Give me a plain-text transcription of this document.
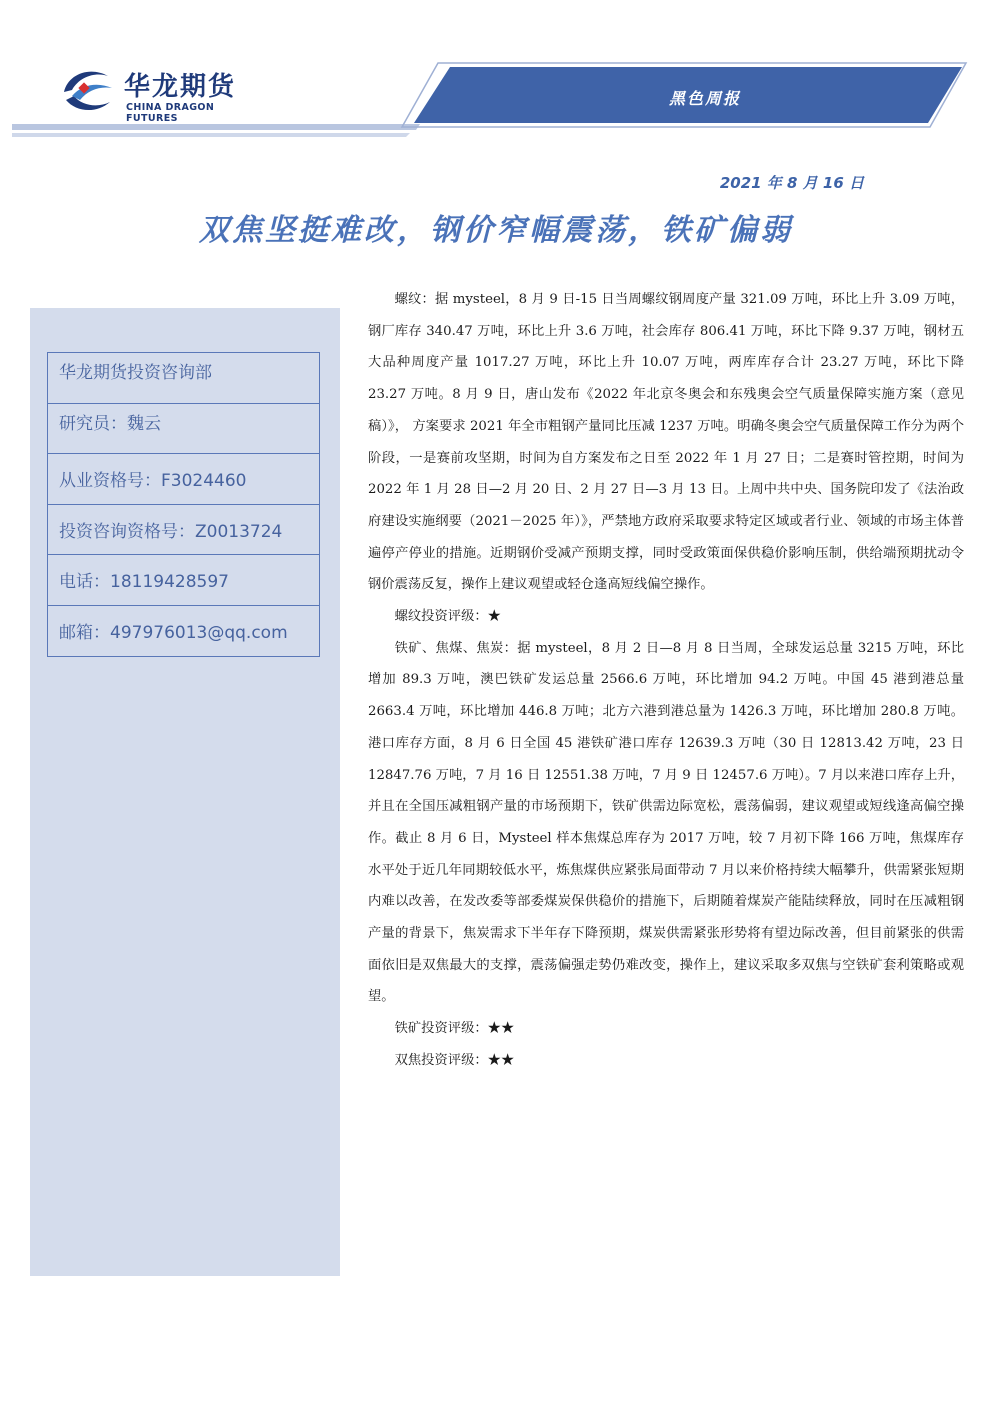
华龙期货
CHINA DRAGON FUTURES
黑色周报
2021 年 8 月 16 日
双焦坚挺难改，钢价窄幅震荡，铁矿偏弱
华龙期货投资咨询部
研究员：魏云
从业资格号：F3024460
投资咨询资格号：Z0013724
电话：18119428597
邮箱：497976013@qq.com

螺纹：据 mysteel，8 月 9 日-15 日当周螺纹钢周度产量 321.09 万吨，环比上升 3.09 万吨，钢厂库存 340.47 万吨，环比上升 3.6 万吨，社会库存 806.41 万吨，环比下降 9.37 万吨，钢材五大品种周度产量 1017.27 万吨，环比上升 10.07 万吨，两库库存合计 23.27 万吨，环比下降 23.27 万吨。8 月 9 日，唐山发布《2022 年北京冬奥会和东残奥会空气质量保障实施方案（意见稿）》， 方案要求 2021 年全市粗钢产量同比压减 1237 万吨。明确冬奥会空气质量保障工作分为两个阶段，一是赛前攻坚期，时间为自方案发布之日至 2022 年 1 月 27 日；二是赛时管控期，时间为 2022 年 1 月 28 日—2 月 20 日、2 月 27 日—3 月 13 日。上周中共中央、国务院印发了《法治政府建设实施纲要（2021－2025 年）》，严禁地方政府采取要求特定区域或者行业、领域的市场主体普遍停产停业的措施。近期钢价受减产预期支撑，同时受政策面保供稳价影响压制，供给端预期扰动令钢价震荡反复，操作上建议观望或轻仓逢高短线偏空操作。

螺纹投资评级：★

铁矿、焦煤、焦炭：据 mysteel，8 月 2 日—8 月 8 日当周，全球发运总量 3215 万吨，环比增加 89.3 万吨，澳巴铁矿发运总量 2566.6 万吨，环比增加 94.2 万吨。中国 45 港到港总量 2663.4 万吨，环比增加 446.8 万吨；北方六港到港总量为 1426.3 万吨，环比增加 280.8 万吨。港口库存方面，8 月 6 日全国 45 港铁矿港口库存 12639.3 万吨（30 日 12813.42 万吨，23 日 12847.76 万吨，7 月 16 日 12551.38 万吨，7 月 9 日 12457.6 万吨）。7 月以来港口库存上升，并且在全国压减粗钢产量的市场预期下，铁矿供需边际宽松，震荡偏弱，建议观望或短线逢高偏空操作。截止 8 月 6 日，Mysteel 样本焦煤总库存为 2017 万吨，较 7 月初下降 166 万吨，焦煤库存水平处于近几年同期较低水平，炼焦煤供应紧张局面带动 7 月以来价格持续大幅攀升，供需紧张短期内难以改善，在发改委等部委煤炭保供稳价的措施下，后期随着煤炭产能陆续释放，同时在压减粗钢产量的背景下，焦炭需求下半年存下降预期，煤炭供需紧张形势将有望边际改善，但目前紧张的供需面依旧是双焦最大的支撑，震荡偏强走势仍难改变，操作上，建议采取多双焦与空铁矿套利策略或观望。

铁矿投资评级：★★

双焦投资评级：★★
